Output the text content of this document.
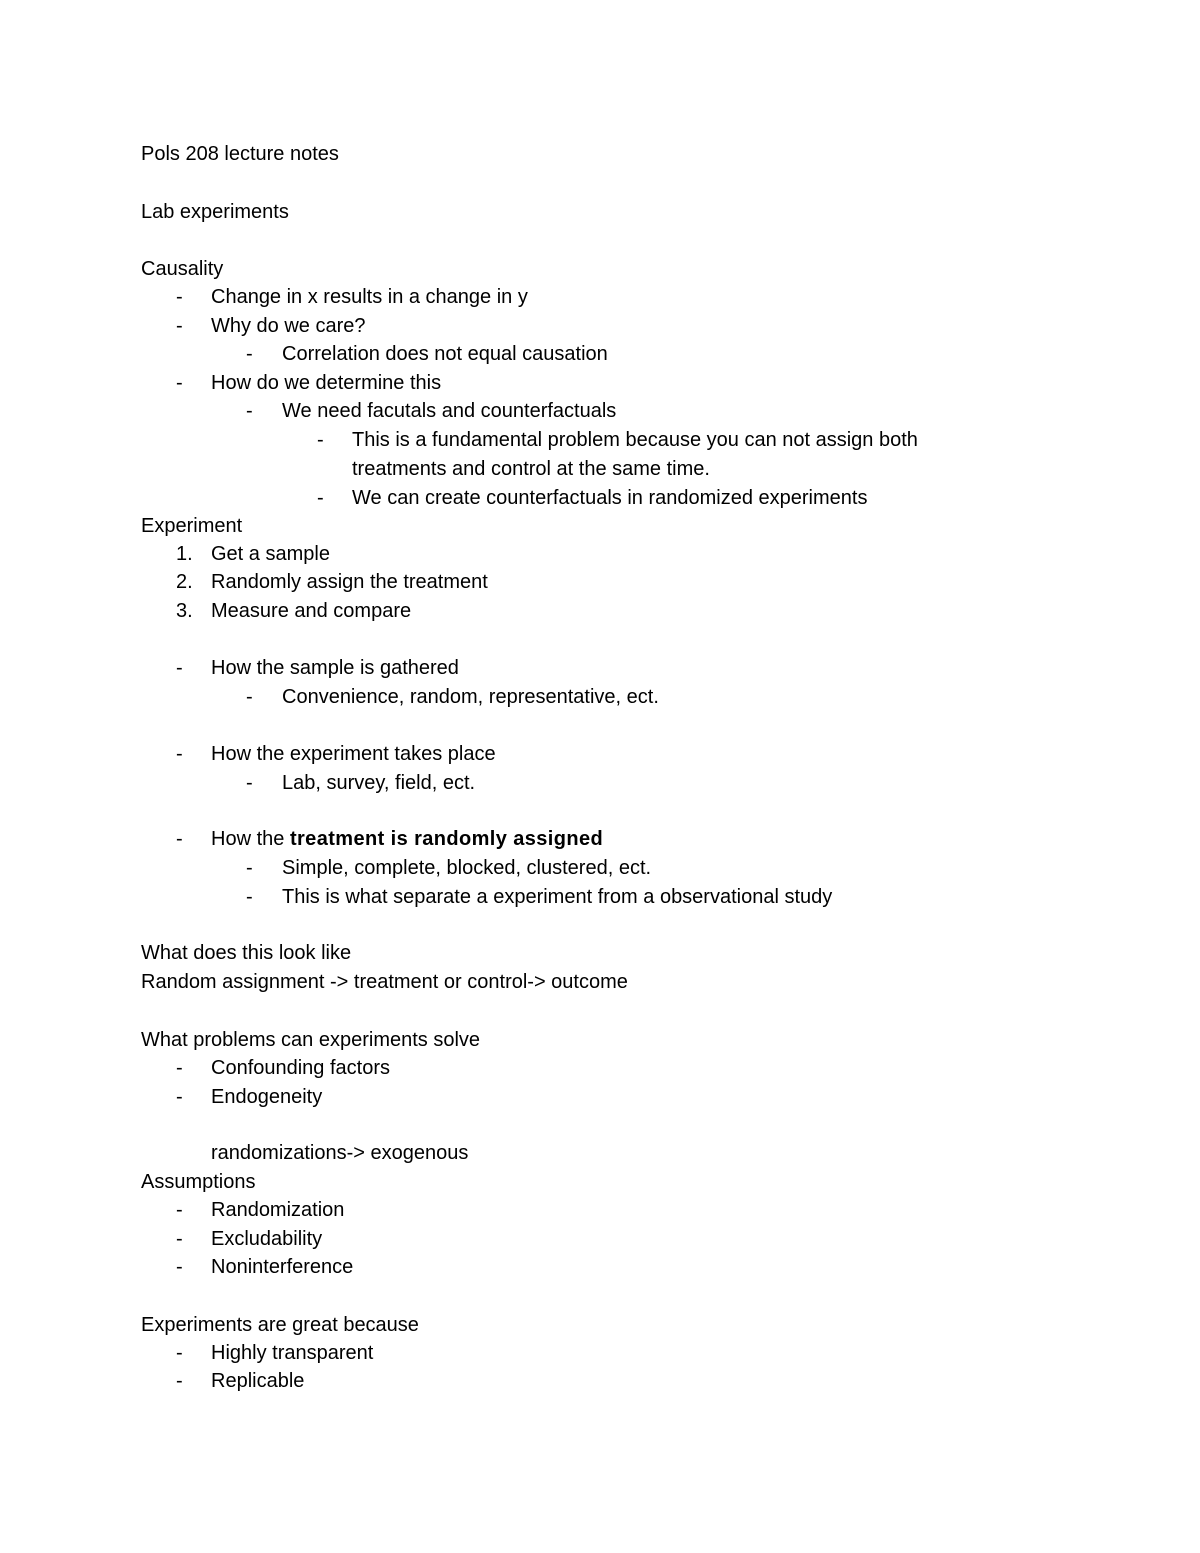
Pols 208 lecture notes
Lab experiments
Causality
- Change in x results in a change in y
- Why do we care?
- Correlation does not equal causation
- How do we determine this
- We need facutals and counterfactuals
- This is a fundamental problem because you can not assign both
treatments and control at the same time.
- We can create counterfactuals in randomized experiments
Experiment
1. Get a sample
2. Randomly assign the treatment
3. Measure and compare
- How the sample is gathered
- Convenience, random, representative, ect.
- How the experiment takes place
- Lab, survey, field, ect.
- How the treatment is randomly assigned
- Simple, complete, blocked, clustered, ect.
- This is what separate a experiment from a observational study
What does this look like
Random assignment -> treatment or control-> outcome
What problems can experiments solve
- Confounding factors
- Endogeneity
randomizations-> exogenous
Assumptions
- Randomization
- Excludability
- Noninterference
Experiments are great because
- Highly transparent
- Replicable
